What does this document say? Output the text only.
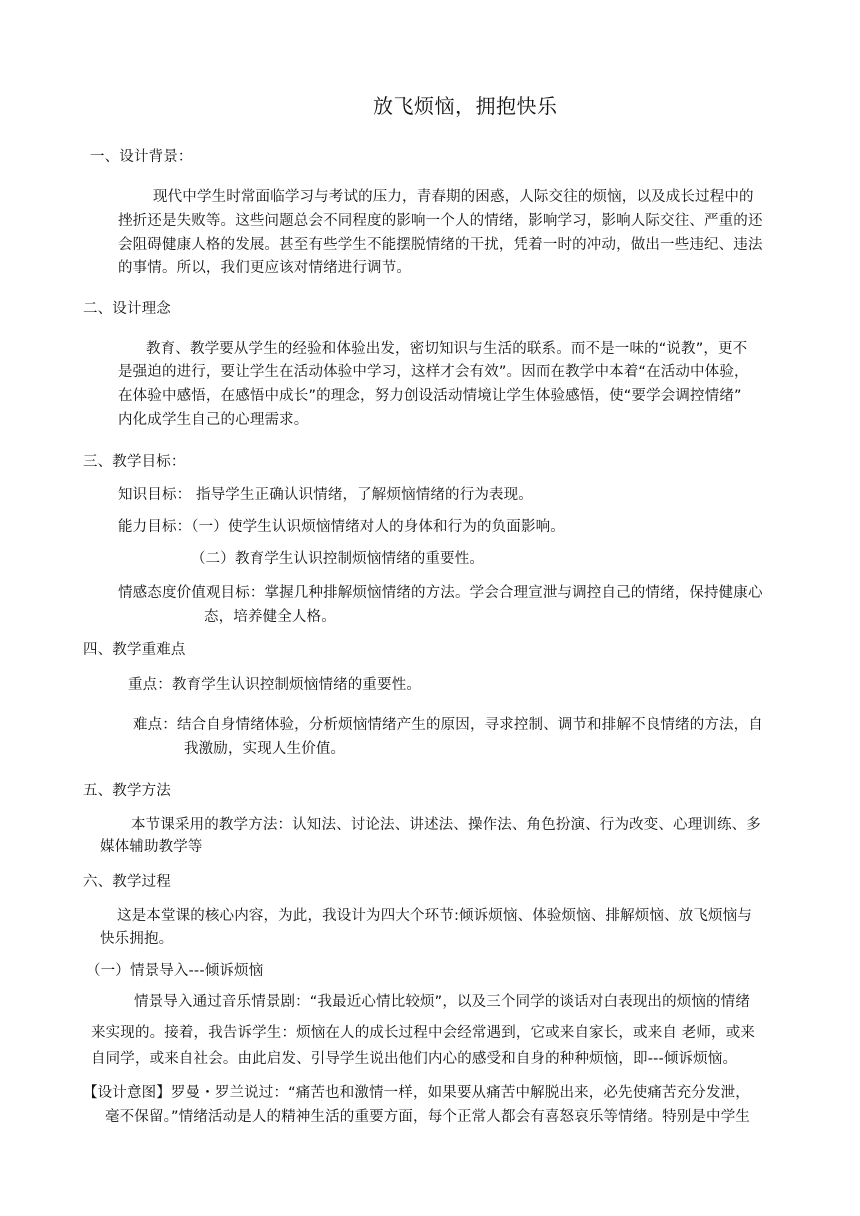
放飞烦恼，拥抱快乐
一、设计背景：
现代中学生时常面临学习与考试的压力，青春期的困惑，人际交往的烦恼，以及成长过程中的
挫折还是失败等。这些问题总会不同程度的影响一个人的情绪，影响学习，影响人际交往、严重的还
会阻碍健康人格的发展。甚至有些学生不能摆脱情绪的干扰，凭着一时的冲动，做出一些违纪、违法
的事情。所以，我们更应该对情绪进行调节。
二、设计理念
教育、教学要从学生的经验和体验出发，密切知识与生活的联系。而不是一味的“说教”，更不
是强迫的进行，要让学生在活动体验中学习，这样才会有效”。因而在教学中本着“在活动中体验，
在体验中感悟，在感悟中成长”的理念，努力创设活动情境让学生体验感悟，使“要学会调控情绪”
内化成学生自己的心理需求。
三、教学目标：
知识目标： 指导学生正确认识情绪，了解烦恼情绪的行为表现。
能力目标：（一）使学生认识烦恼情绪对人的身体和行为的负面影响。
（二）教育学生认识控制烦恼情绪的重要性。
情感态度价值观目标：掌握几种排解烦恼情绪的方法。学会合理宣泄与调控自己的情绪，保持健康心
态，培养健全人格。
四、教学重难点
重点：教育学生认识控制烦恼情绪的重要性。
难点：结合自身情绪体验，分析烦恼情绪产生的原因，寻求控制、调节和排解不良情绪的方法，自
我激励，实现人生价值。
五、教学方法
本节课采用的教学方法：认知法、讨论法、讲述法、操作法、角色扮演、行为改变、心理训练、多
媒体辅助教学等
六、教学过程
这是本堂课的核心内容，为此，我设计为四大个环节:倾诉烦恼、体验烦恼、排解烦恼、放飞烦恼与
快乐拥抱。
（一）情景导入---倾诉烦恼
情景导入通过音乐情景剧：“我最近心情比较烦”，以及三个同学的谈话对白表现出的烦恼的情绪
来实现的。接着，我告诉学生：烦恼在人的成长过程中会经常遇到，它或来自家长，或来自 老师，或来
自同学，或来自社会。由此启发、引导学生说出他们内心的感受和自身的种种烦恼，即---倾诉烦恼。
【设计意图】罗曼・罗兰说过：“痛苦也和激情一样，如果要从痛苦中解脱出来，必先使痛苦充分发泄，
毫不保留。”情绪活动是人的精神生活的重要方面，每个正常人都会有喜怒哀乐等情绪。特别是中学生
